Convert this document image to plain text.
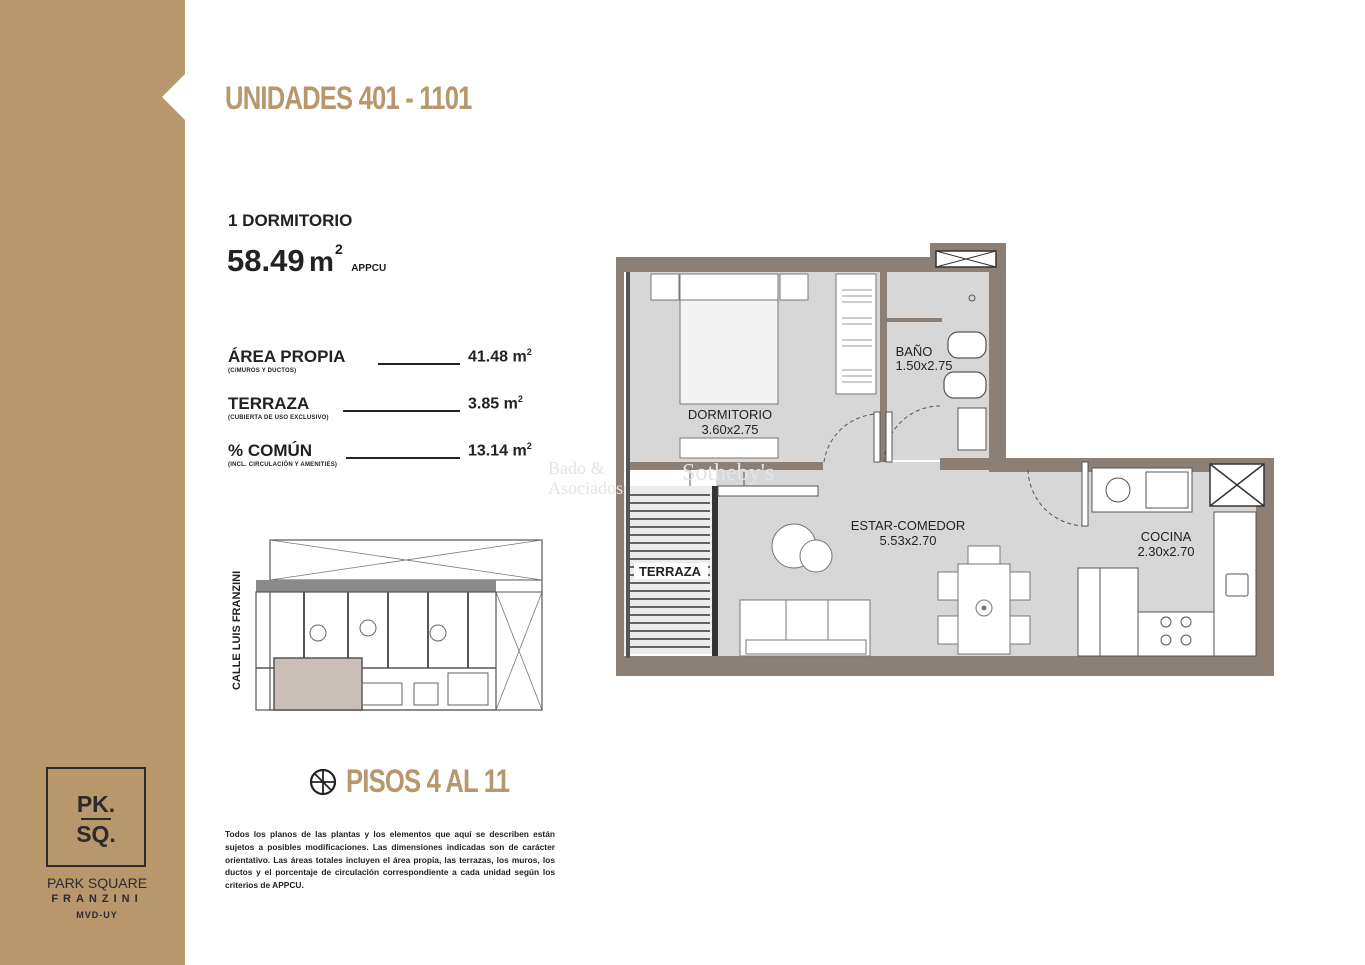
PK.
SQ.
PARK SQUARE
FRANZINI
MVD-UY
UNIDADES 401 - 1101
1 DORMITORIO
58.49 m2 APPCU
ÁREA PROPIA	41.48 $m^2$
(C/MUROS Y DUCTOS)
TERRAZA	3.85 $m^2$
(CUBIERTA DE USO EXCLUSIVO)
% COMÚN	13.14 $m^2$
(INCL. CIRCULACIÓN Y AMENITIES)
CALLE LUIS FRANZINI
PISOS 4 AL 11
Todos los planos de las plantas y los elementos que aquí se describen están sujetos a posibles modificaciones. Las dimensiones indicadas son de carácter orientativo. Las áreas totales incluyen el área propia, las terrazas, los muros, los ductos y el porcentaje de circulación correspondiente a cada unidad según los criterios de APPCU.
DORMITORIO
3.60x2.75
BAÑO
1.50x2.75
ESTAR-COMEDOR
5.53x2.70	COCINA
2.30x2.70
TERRAZA
Bado &
Asociados
Sotheby's
